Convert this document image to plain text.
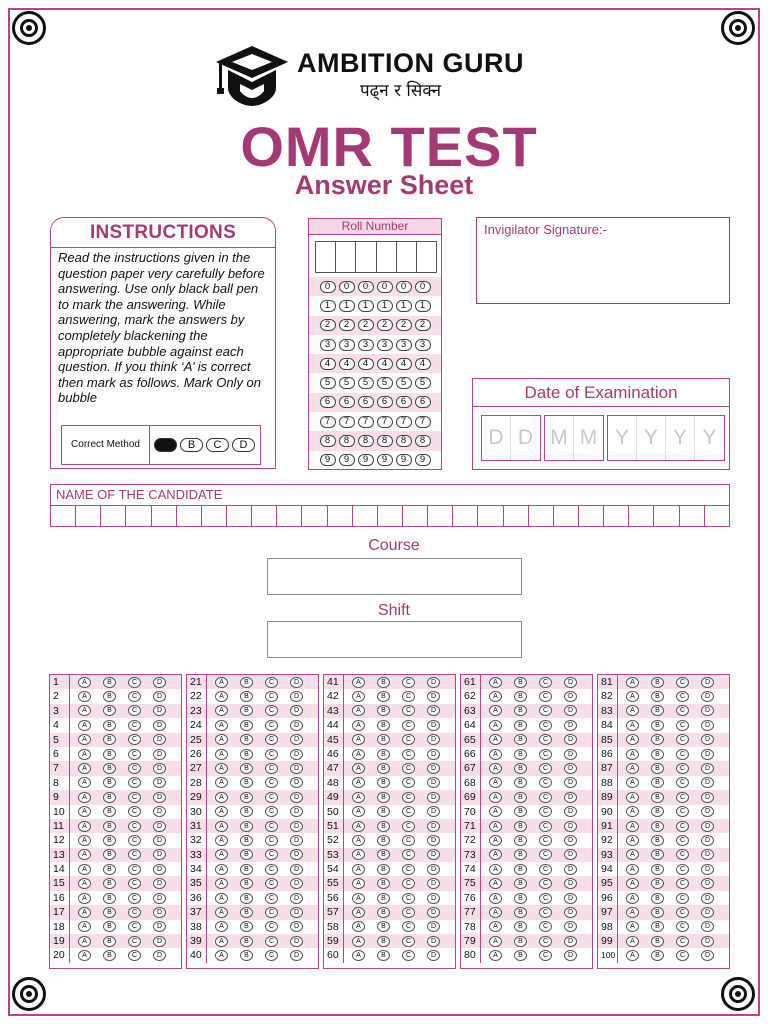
AMBITION GURU
पढ्न र सिक्न
OMR TEST
Answer Sheet
INSTRUCTIONS
Read the instructions given in the question paper very carefully before answering. Use only black ball pen to mark the answering. While answering, mark the answers by completely blackening the appropriate bubble against each question. If you think ‘A’ is correct then mark as follows. Mark Only on bubble
Correct Method	B	C	D
Roll Number
0	0	0	0	0	0
1	1	1	1	1	1
2	2	2	2	2	2
3	3	3	3	3	3
4	4	4	4	4	4
5	5	5	5	5	5
6	6	6	6	6	6
7	7	7	7	7	7
8	8	8	8	8	8
9	9	9	9	9	9
Invigilator Signature:-
Date of Examination
D D M M Y Y Y Y
NAME OF THE CANDIDATE
Course
Shift
1	A	B	C	D
2	A	B	C	D
3	A	B	C	D
4	A	B	C	D
5	A	B	C	D
6	A	B	C	D
7	A	B	C	D
8	A	B	C	D
9	A	B	C	D
10	A	B	C	D
11	A	B	C	D
12	A	B	C	D
13	A	B	C	D
14	A	B	C	D
15	A	B	C	D
16	A	B	C	D
17	A	B	C	D
18	A	B	C	D
19	A	B	C	D
20	A	B	C	D
21	A	B	C	D
22	A	B	C	D
23	A	B	C	D
24	A	B	C	D
25	A	B	C	D
26	A	B	C	D
27	A	B	C	D
28	A	B	C	D
29	A	B	C	D
30	A	B	C	D
31	A	B	C	D
32	A	B	C	D
33	A	B	C	D
34	A	B	C	D
35	A	B	C	D
36	A	B	C	D
37	A	B	C	D
38	A	B	C	D
39	A	B	C	D
40	A	B	C	D
41	A	B	C	D
42	A	B	C	D
43	A	B	C	D
44	A	B	C	D
45	A	B	C	D
46	A	B	C	D
47	A	B	C	D
48	A	B	C	D
49	A	B	C	D
50	A	B	C	D
51	A	B	C	D
52	A	B	C	D
53	A	B	C	D
54	A	B	C	D
55	A	B	C	D
56	A	B	C	D
57	A	B	C	D
58	A	B	C	D
59	A	B	C	D
60	A	B	C	D
61	A	B	C	D
62	A	B	C	D
63	A	B	C	D
64	A	B	C	D
65	A	B	C	D
66	A	B	C	D
67	A	B	C	D
68	A	B	C	D
69	A	B	C	D
70	A	B	C	D
71	A	B	C	D
72	A	B	C	D
73	A	B	C	D
74	A	B	C	D
75	A	B	C	D
76	A	B	C	D
77	A	B	C	D
78	A	B	C	D
79	A	B	C	D
80	A	B	C	D
81	A	B	C	D
82	A	B	C	D
83	A	B	C	D
84	A	B	C	D
85	A	B	C	D
86	A	B	C	D
87	A	B	C	D
88	A	B	C	D
89	A	B	C	D
90	A	B	C	D
91	A	B	C	D
92	A	B	C	D
93	A	B	C	D
94	A	B	C	D
95	A	B	C	D
96	A	B	C	D
97	A	B	C	D
98	A	B	C	D
99	A	B	C	D
100	A	B	C	D
